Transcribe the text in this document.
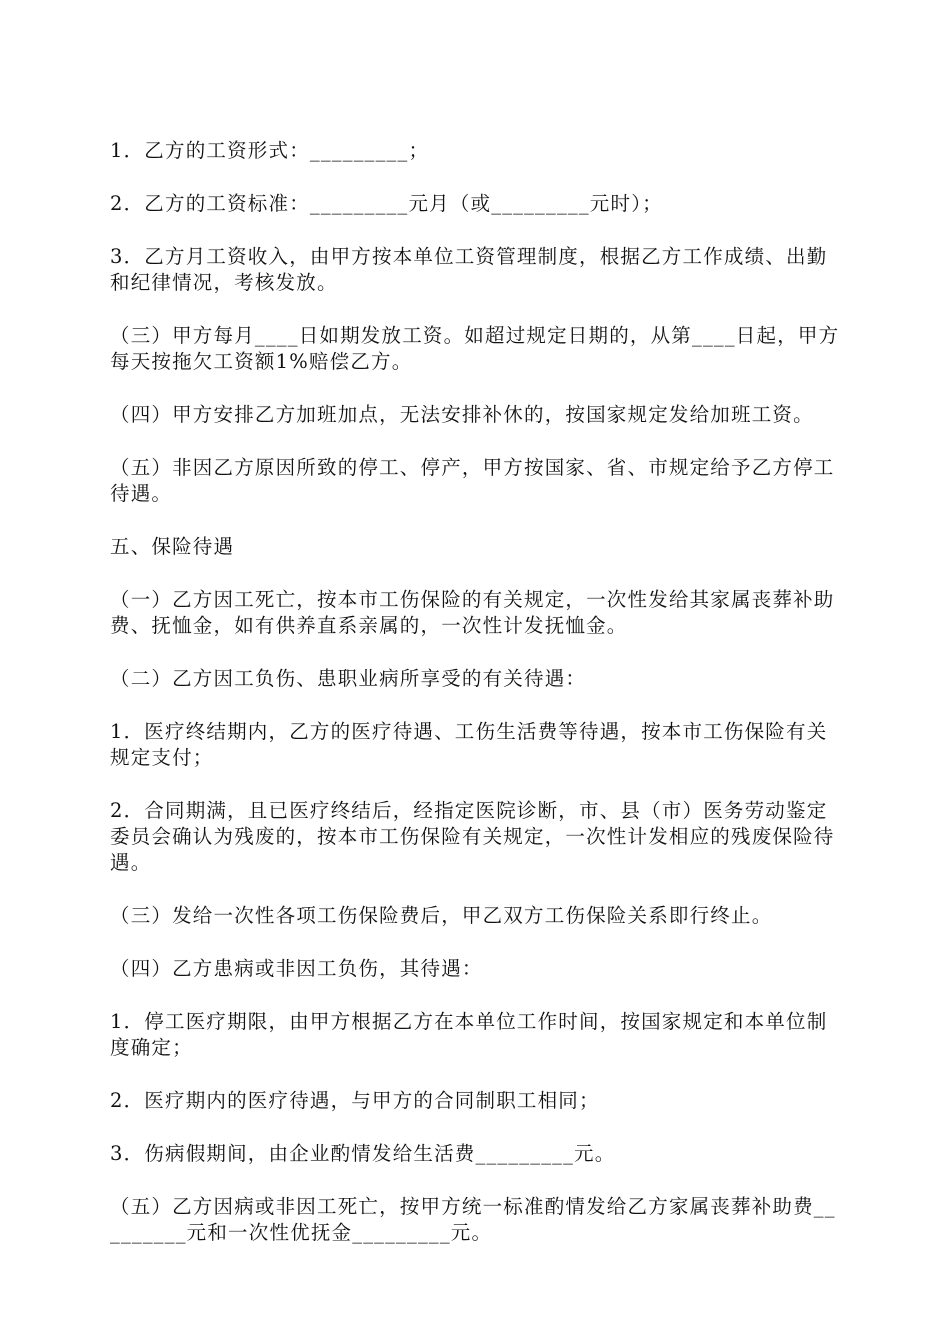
1．乙方的工资形式：_________；

2．乙方的工资标准：_________元月（或_________元时）；

3．乙方月工资收入，由甲方按本单位工资管理制度，根据乙方工作成绩、出勤和纪律情况，考核发放。

（三）甲方每月____日如期发放工资。如超过规定日期的，从第____日起，甲方每天按拖欠工资额1%赔偿乙方。

（四）甲方安排乙方加班加点，无法安排补休的，按国家规定发给加班工资。

（五）非因乙方原因所致的停工、停产，甲方按国家、省、市规定给予乙方停工待遇。

五、保险待遇

（一）乙方因工死亡，按本市工伤保险的有关规定，一次性发给其家属丧葬补助费、抚恤金，如有供养直系亲属的，一次性计发抚恤金。

（二）乙方因工负伤、患职业病所享受的有关待遇：

1．医疗终结期内，乙方的医疗待遇、工伤生活费等待遇，按本市工伤保险有关规定支付；

2．合同期满，且已医疗终结后，经指定医院诊断，市、县（市）医务劳动鉴定委员会确认为残废的，按本市工伤保险有关规定，一次性计发相应的残废保险待遇。

（三）发给一次性各项工伤保险费后，甲乙双方工伤保险关系即行终止。

（四）乙方患病或非因工负伤，其待遇：

1．停工医疗期限，由甲方根据乙方在本单位工作时间，按国家规定和本单位制度确定；

2．医疗期内的医疗待遇，与甲方的合同制职工相同；

3．伤病假期间，由企业酌情发给生活费_________元。

（五）乙方因病或非因工死亡，按甲方统一标准酌情发给乙方家属丧葬补助费_________元和一次性优抚金_________元。
